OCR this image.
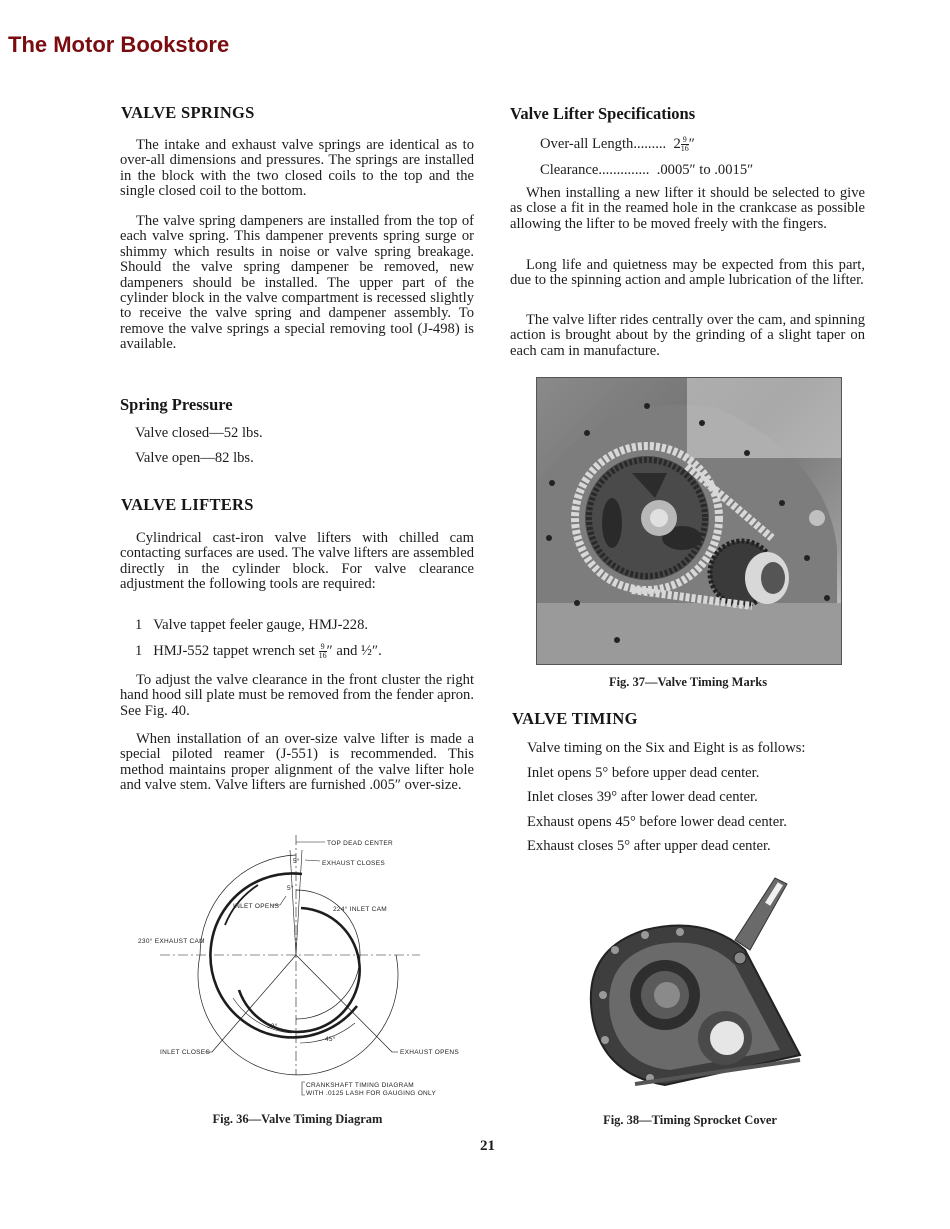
The Motor Bookstore
VALVE SPRINGS

The intake and exhaust valve springs are identical as to over-all dimensions and pressures. The springs are installed in the block with the two closed coils to the top and the single closed coil to the bottom.

The valve spring dampeners are installed from the top of each valve spring. This dampener prevents spring surge or shimmy which results in noise or valve spring breakage. Should the valve spring dampener be removed, new dampeners should be installed. The upper part of the cylinder block in the valve compartment is recessed slightly to receive the valve spring and dampener assembly. To remove the valve springs a special removing tool (J-498) is available.

Spring Pressure
Valve closed—52 lbs.
Valve open—82 lbs.
VALVE LIFTERS

Cylindrical cast-iron valve lifters with chilled cam contacting surfaces are used. The valve lifters are assembled directly in the cylinder block. For valve clearance adjustment the following tools are required:

1 Valve tappet feeler gauge, HMJ-228.
1 HMJ-552 tappet wrench set $\frac{9}{16}$ ″ and ½″.

To adjust the valve clearance in the front cluster the right hand hood sill plate must be removed from the fender apron. See Fig. 40.

When installation of an over-size valve lifter is made a special piloted reamer (J-551) is recommended. This method maintains proper alignment of the valve lifter hole and valve stem. Valve lifters are furnished .005″ over-size.

TOP DEAD CENTER
EXHAUST CLOSES
5°
5°
INLET OPENS	224° INLET CAM
230° EXHAUST CAM
39°
45°
INLET CLOSES	EXHAUST OPENS
CRANKSHAFT TIMING DIAGRAM
WITH .0125 LASH FOR GAUGING ONLY
Fig. 36—Valve Timing Diagram
Valve Lifter Specifications
Over-all Length......... $2 \frac{9}{16}$ ″
Clearance.............. .0005″ to .0015″

When installing a new lifter it should be selected to give as close a fit in the reamed hole in the crankcase as possible allowing the lifter to be moved freely with the fingers.

Long life and quietness may be expected from this part, due to the spinning action and ample lubrication of the lifter.

The valve lifter rides centrally over the cam, and spinning action is brought about by the grinding of a slight taper on each cam in manufacture.

Fig. 37—Valve Timing Marks
VALVE TIMING
Valve timing on the Six and Eight is as follows:
Inlet opens 5° before upper dead center.
Inlet closes 39° after lower dead center.
Exhaust opens 45° before lower dead center.
Exhaust closes 5° after upper dead center.
Fig. 38—Timing Sprocket Cover
21
